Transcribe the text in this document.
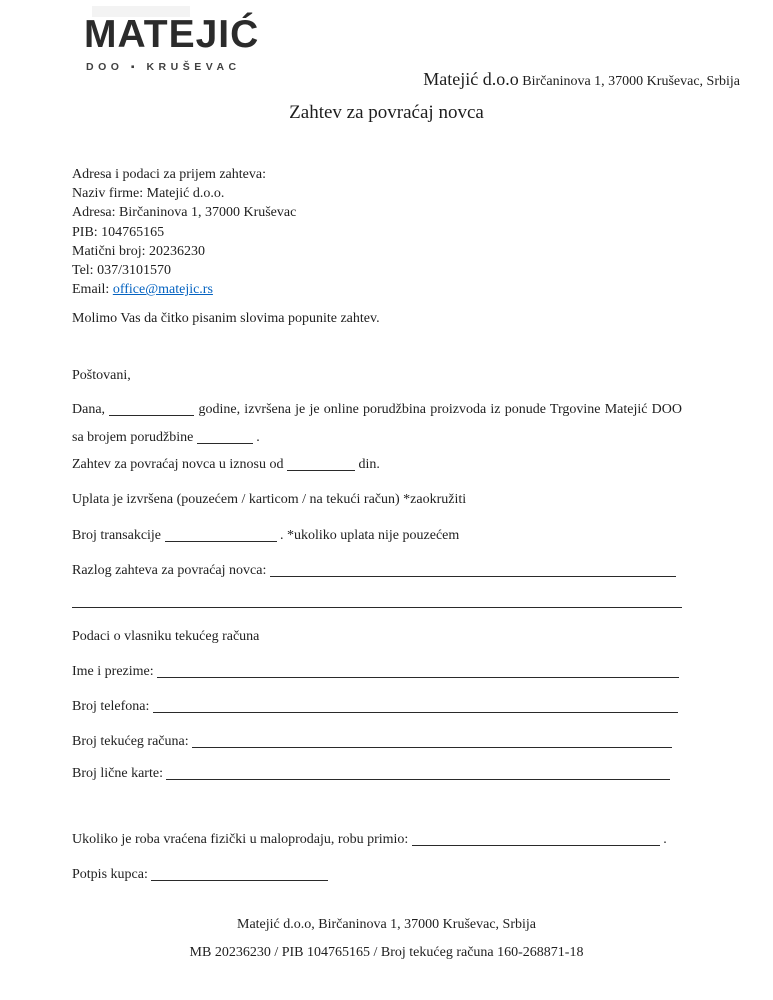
MATEJIĆ
DOO ▪ KRUŠEVAC
Matejić d.o.o Birčaninova 1, 37000 Kruševac, Srbija
Zahtev za povraćaj novca
Adresa i podaci za prijem zahteva:
Naziv firme: Matejić d.o.o.
Adresa: Birčaninova 1, 37000 Kruševac
PIB: 104765165
Matični broj: 20236230
Tel: 037/3101570
Email: office@matejic.rs
Molimo Vas da čitko pisanim slovima popunite zahtev.
Poštovani,
Dana,	godine, izvršena je je online porudžbina proizvoda iz ponude Trgovine Matejić DOO
sa brojem porudžbine	.
Zahtev za povraćaj novca u iznosu od	din.
Uplata je izvršena (pouzećem / karticom / na tekući račun) *zaokružiti
Broj transakcije	. *ukoliko uplata nije pouzećem
Razlog zahteva za povraćaj novca:
Podaci o vlasniku tekućeg računa
Ime i prezime:
Broj telefona:
Broj tekućeg računa:
Broj lične karte:
Ukoliko je roba vraćena fizički u maloprodaju, robu primio:	.
Potpis kupca:
Matejić d.o.o, Birčaninova 1, 37000 Kruševac, Srbija
MB 20236230 / PIB 104765165 / Broj tekućeg računa 160-268871-18
